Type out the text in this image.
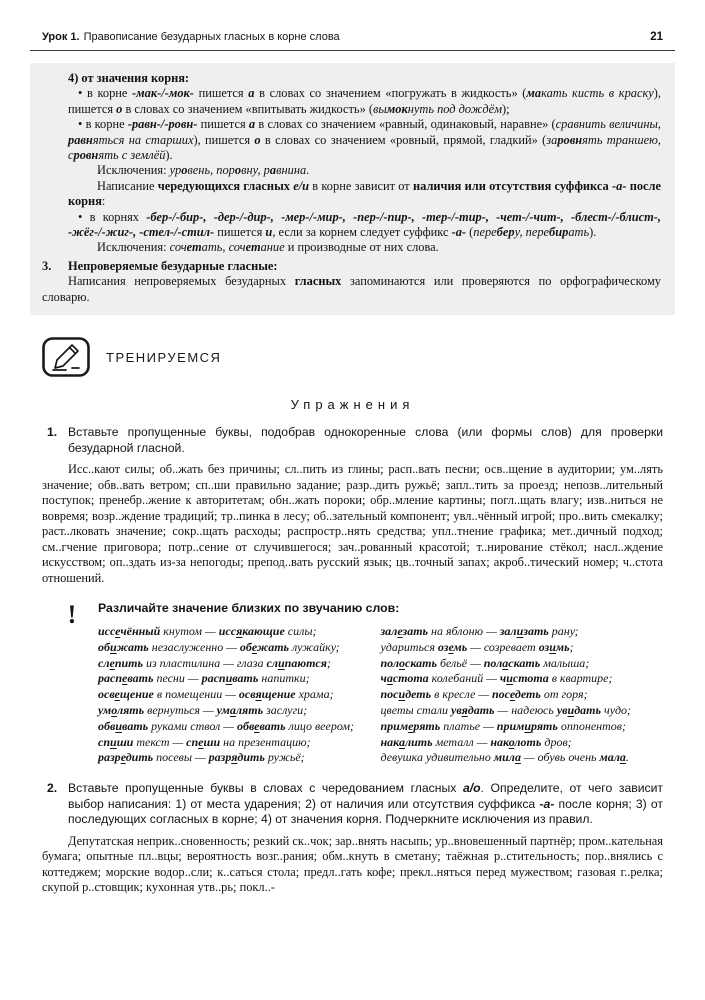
Урок 1. Правописание безударных гласных в корне слова	21

4) от значения корня:

• в корне -мак-/-мок- пишется а в словах со значением «погружать в жидкость» (макать кисть в краску), пишется о в словах со значением «впитывать жидкость» (вымокнуть под дождём);

• в корне -равн-/-ровн- пишется а в словах со значением «равный, одинаковый, наравне» (сравнить величины, равняться на старших), пишется о в словах со значением «ровный, прямой, гладкий» (заровнять траншею, сровнять с землёй).

Исключения: уровень, поровну, равнина.

Написание чередующихся гласных е/и в корне зависит от наличия или отсутствия суффикса -а- после корня:

• в корнях -бер-/-бир-, -дер-/-дир-, -мер-/-мир-, -пер-/-пир-, -тер-/-тир-, -чет-/-чит-, -блест-/-блист-, -жёг-/-жиг-, -стел-/-стил- пишется и, если за корнем следует суффикс -а- (переберу, перебирать).

Исключения: сочетать, сочетание и производные от них слова.

3. Непроверяемые безударные гласные:

Написания непроверяемых безударных гласных запоминаются или проверяются по орфографическому словарю.

ТРЕНИРУЕМСЯ
Упражнения
1. Вставьте пропущенные буквы, подобрав однокоренные слова (или формы слов) для проверки безударной гласной.

Исс..кают силы; об..жать без причины; сл..пить из глины; расп..вать песни; осв..щение в аудитории; ум..лять значение; обв..вать ветром; сп..ши правильно задание; разр..дить ружьё; запл..тить за проезд; непозв..лительный поступок; пренебр..жение к авторитетам; обн..жать пороки; обр..мление картины; погл..щать влагу; изв..ниться не вовремя; возр..ждение традиций; тр..пинка в лесу; об..зательный компонент; увл..чённый игрой; про..вить смекалку; раст..лковать значение; сокр..щать расходы; распростр..нять средства; упл..тнение графика; мет..дичный подход; см..гчение приговора; потр..сение от случившегося; зач..рованный красотой; т..нирование стёкол; насл..ждение искусством; оп..здать из-за непогоды; препод..вать русский язык; цв..точный запах; акроб..тический номер; ч..стота отношений.

!	Различайте значение близких по звучанию слов:

иссечённый кнутом — иссякающие силы;

обижать незаслуженно — обежать лужайку;

слепить из пластилина — глаза слипаются;

распевать песни — распивать напитки;

освещение в помещении — освящение храма;

умолять вернуться — умалять заслуги;

обвивать руками ствол — обвевать лицо веером;

спиши текст — спеши на презентацию;

разредить посевы — разрядить ружьё;

залезать на яблоню — зализать рану;

удариться оземь — созревает озимь;

полоскать бельё — поласкать малыша;

частота колебаний — чистота в квартире;

посидеть в кресле — поседеть от горя;

цветы стали увядать — надеюсь увидать чудо;

примерять платье — примирять оппонентов;

накалить металл — наколоть дров;

девушка удивительно мила — обувь очень мала.

2. Вставьте пропущенные буквы в словах с чередованием гласных а/о. Определите, от чего зависит выбор написания: 1) от места ударения; 2) от наличия или отсутствия суффикса -а- после корня; 3) от последующих согласных в корне; 4) от значения корня. Подчеркните исключения из правил.

Депутатская неприк..сновенность; резкий ск..чок; зар..внять насыпь; ур..вновешенный партнёр; пром..кательная бумага; опытные пл..вцы; вероятность возг..рания; обм..кнуть в сметану; таёжная р..стительность; пор..внялись с коттеджем; морские водор..сли; к..саться стола; предл..гать кофе; прекл..няться перед мужеством; газовая г..релка; скупой р..стовщик; кухонная утв..рь; покл..-
